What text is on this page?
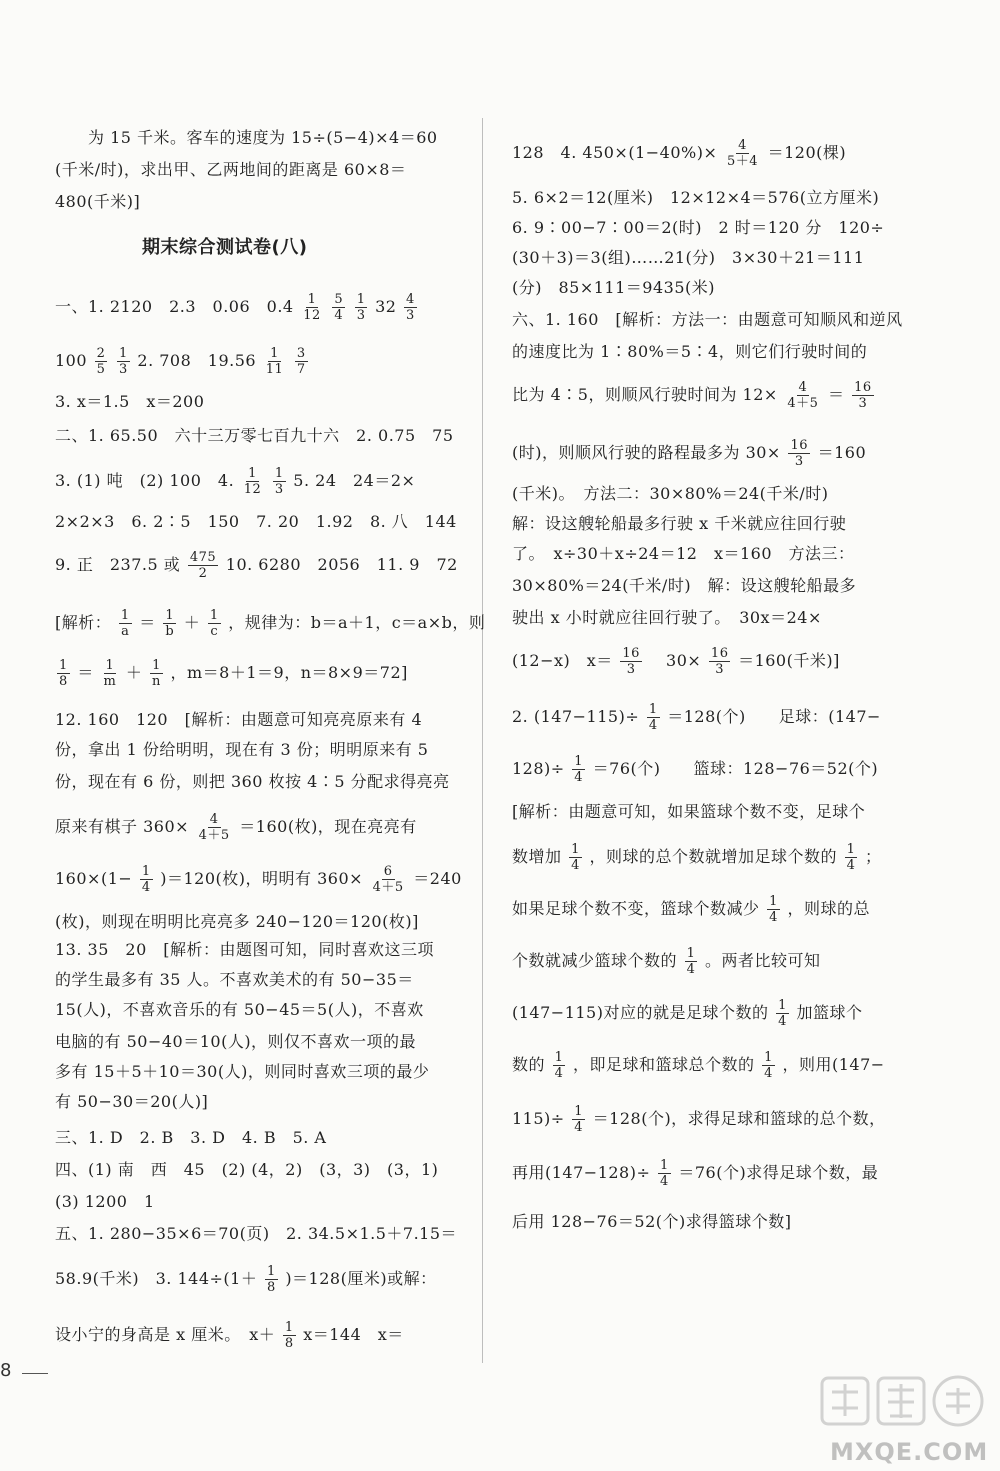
为 15 千米。客车的速度为 15÷(5−4)×4＝60
(千米/时)，求出甲、乙两地间的距离是 60×8＝
480(千米)]
期末综合测试卷(八)
一、1. 2120　2.3　0.06　$0.4 \frac{1}{12}$
$\frac{5}{4}$
$\frac{1}{3} 32 \frac{4}{3}$
$100 \frac{2}{5}$
$\frac{1}{3} 2$. 708　$19.56 \frac{1}{11}$
$\frac{3}{7}$
3. x＝1.5　x＝200
二、1. 65.50　六十三万零七百九十六　2. 0.75　75
3. (1) 吨　(2) 100　4. $\frac{1}{12}$
$\frac{1}{3} 5$. 24　24＝2×
2×2×3　6. 2∶5　150　7. 20　1.92　8. 八　144
9. 正　237.5 或 $\frac{475}{2} 10$. 6280　2056　11. 9　72
[解析： $\frac{1}{a} = \frac{1}{b} + \frac{1}{c}$ ，规律为：b＝a＋1，c＝a×b，则
$\frac{1}{8} = \frac{1}{m} + \frac{1}{n}$ ，m＝8＋1＝9，n＝8×9＝72]
12. 160　120　[解析：由题意可知亮亮原来有 4
份，拿出 1 份给明明，现在有 3 份；明明原来有 5
份，现在有 6 份，则把 360 枚按 4∶5 分配求得亮亮
原来有棋子 $360\times \frac{4}{4+5} =160$(枚)，现在亮亮有
$160\times(1- \frac{1}{4} )=120$(枚)，明明有 $360\times \frac{6}{4+5} =240$
(枚)，则现在明明比亮亮多 240−120＝120(枚)]
13. 35　20　[解析：由题图可知，同时喜欢这三项
的学生最多有 35 人。不喜欢美术的有 50−35＝
15(人)，不喜欢音乐的有 50−45＝5(人)，不喜欢
电脑的有 50−40＝10(人)，则仅不喜欢一项的最
多有 15＋5＋10＝30(人)，则同时喜欢三项的最少
有 50−30＝20(人)]
三、1. D　2. B　3. D　4. B　5. A
四、(1) 南　西　45　(2) (4，2)　(3，3)　(3，1)
(3) 1200　1
五、1. 280−35×6＝70(页)　2. 34.5×1.5＋7.15＝
58.9(千米)　3. $144\div(1+ \frac{1}{8} )=128$(厘米)或解：
设小宁的身高是 x 厘米。　$x+ \frac{1}{8} x=144$　x＝
128　4. $450\times(1-40\%)\times \frac{4}{5+4} =120$(棵)
5. 6×2＝12(厘米)　12×12×4＝576(立方厘米)
6. 9∶00−7∶00＝2(时)　2 时＝120 分　120÷
(30＋3)＝3(组)……21(分)　3×30＋21＝111
(分)　85×111＝9435(米)
六、1. 160　[解析：方法一：由题意可知顺风和逆风
的速度比为 1∶80%＝5∶4，则它们行驶时间的
比为 4∶5，则顺风行驶时间为 $12\times \frac{4}{4+5} = \frac{16}{3}$
(时)，则顺风行驶的路程最多为 $30\times \frac{16}{3} =160$
(千米)。　方法二：30×80%＝24(千米/时)
解：设这艘轮船最多行驶 x 千米就应往回行驶
了。　x÷30＋x÷24＝12　x＝160　方法三：
30×80%＝24(千米/时)　解：设这艘轮船最多
驶出 x 小时就应往回行驶了。　30x＝24×
(12−x)　$x= \frac{16}{3}$ 　$30\times \frac{16}{3} =160$(千米)]
2. $(147-115)\div \frac{1}{4} =128$(个)　　足球：(147−
$128)\div \frac{1}{4} =76$(个)　　篮球：128−76＝52(个)
[解析：由题意可知，如果篮球个数不变，足球个
数增加 $\frac{1}{4}$ ，则球的总个数就增加足球个数的 $\frac{1}{4}$ ；
如果足球个数不变，篮球个数减少 $\frac{1}{4}$ ，则球的总
个数就减少篮球个数的 $\frac{1}{4}$ 。两者比较可知
(147−115)对应的就是足球个数的 $\frac{1}{4}$ 加篮球个
数的 $\frac{1}{4}$ ，即足球和篮球总个数的 $\frac{1}{4}$ ，则用(147−
$115)\div \frac{1}{4} =128$(个)，求得足球和篮球的总个数，
再用$(147-128)\div \frac{1}{4} =76$(个)求得足球个数，最
后用 128−76＝52(个)求得篮球个数]
8
MXQE.COM
